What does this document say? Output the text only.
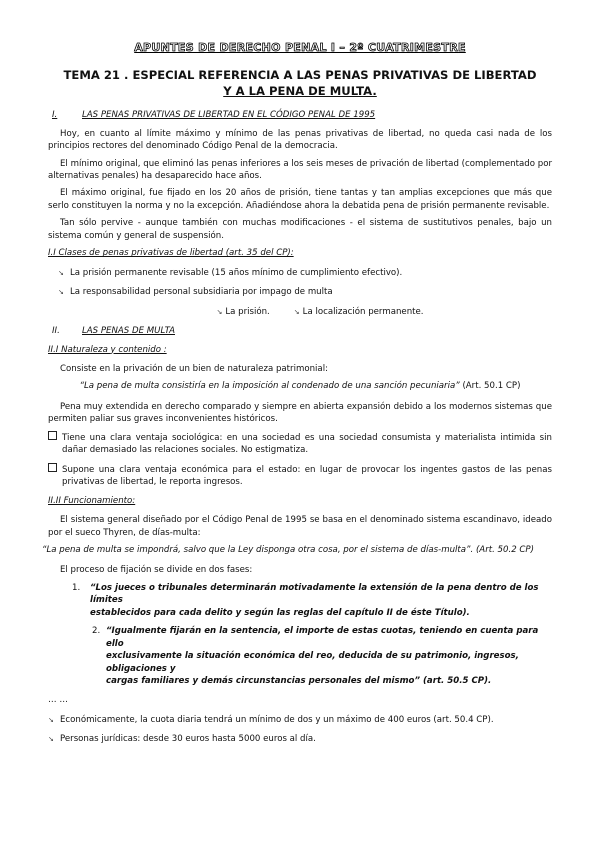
APUNTES DE DERECHO PENAL I – 2º CUATRIMESTRE
TEMA 21 . ESPECIAL REFERENCIA A LAS PENAS PRIVATIVAS DE LIBERTAD
Y A LA PENA DE MULTA.
I.	LAS PENAS PRIVATIVAS DE LIBERTAD EN EL CÓDIGO PENAL DE 1995

Hoy, en cuanto al límite máximo y mínimo de las penas privativas de libertad, no queda casi nada de los principios rectores del denominado Código Penal de la democracia.

El mínimo original, que eliminó las penas inferiores a los seis meses de privación de libertad (complementado por alternativas penales) ha desaparecido hace años.

El máximo original, fue fijado en los 20 años de prisión, tiene tantas y tan amplias excepciones que más que serlo constituyen la norma y no la excepción. Añadiéndose ahora la debatida pena de prisión permanente revisable.

Tan sólo pervive - aunque también con muchas modificaciones - el sistema de sustitutivos penales, bajo un sistema común y general de suspensión.

I.I Clases de penas privativas de libertad (art. 35 del CP):
↘ La prisión permanente revisable (15 años mínimo de cumplimiento efectivo).
↘ La responsabilidad personal subsidiaria por impago de multa
↘ La prisión.	↘ La localización permanente.
II.	LAS PENAS DE MULTA
II.I Naturaleza y contenido :

Consiste en la privación de un bien de naturaleza patrimonial:

“La pena de multa consistiría en la imposición al condenado de una sanción pecuniaria” (Art. 50.1 CP)

Pena muy extendida en derecho comparado y siempre en abierta expansión debido a los modernos sistemas que permiten paliar sus graves inconvenientes históricos.

Tiene una clara ventaja sociológica: en una sociedad es una sociedad consumista y materialista intimida sin dañar demasiado las relaciones sociales. No estigmatiza.
Supone una clara ventaja económica para el estado: en lugar de provocar los ingentes gastos de las penas privativas de libertad, le reporta ingresos.
II.II Funcionamiento:

El sistema general diseñado por el Código Penal de 1995 se basa en el denominado sistema escandinavo, ideado por el sueco Thyren, de días-multa:

“La pena de multa se impondrá, salvo que la Ley disponga otra cosa, por el sistema de días-multa”. (Art. 50.2 CP)

El proceso de fijación se divide en dos fases:

1.	“Los jueces o tribunales determinarán motivadamente la extensión de la pena dentro de los límites
establecidos para cada delito y según las reglas del capítulo II de éste Título).
2. “Igualmente fijarán en la sentencia, el importe de estas cuotas, teniendo en cuenta para ello
exclusivamente la situación económica del reo, deducida de su patrimonio, ingresos, obligaciones y
cargas familiares y demás circunstancias personales del mismo” (art. 50.5 CP).
… …
↘ Económicamente, la cuota diaria tendrá un mínimo de dos y un máximo de 400 euros (art. 50.4 CP).
↘ Personas jurídicas: desde 30 euros hasta 5000 euros al día.
